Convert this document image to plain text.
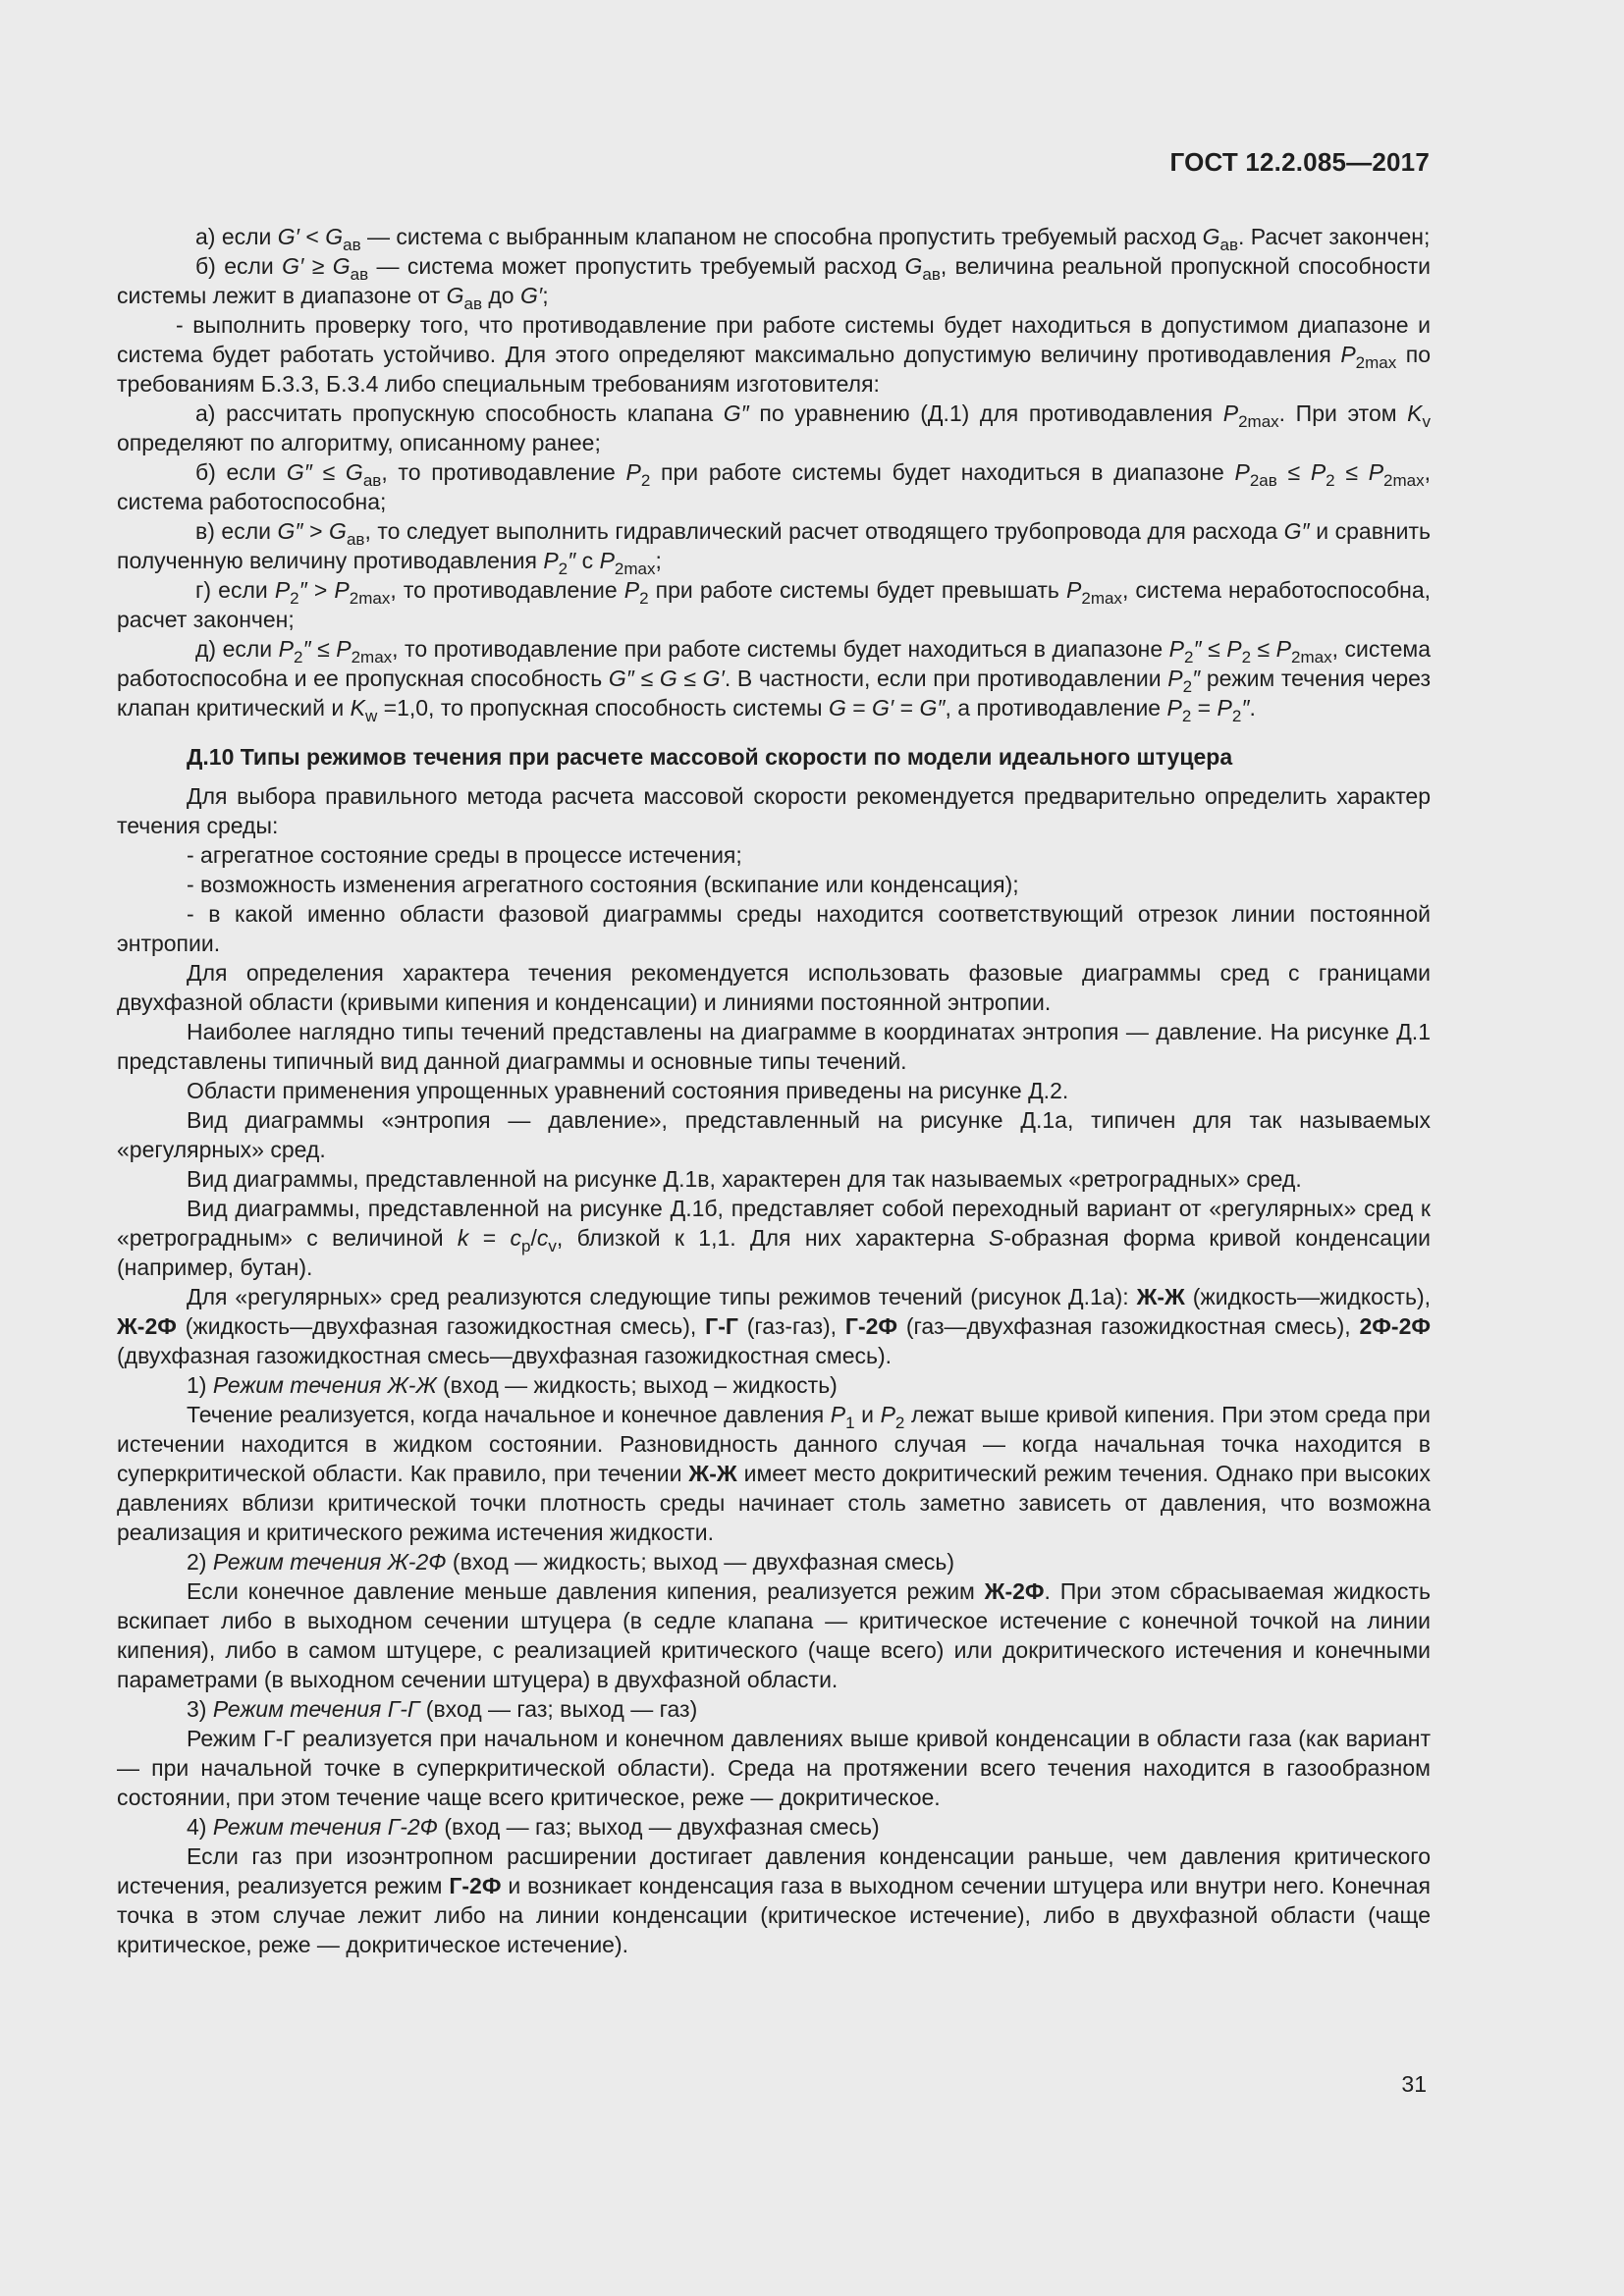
ГОСТ 12.2.085—2017

а) если $G' < G_{ав}$ — система с выбранным клапаном не способна пропустить требуемый расход $G_{ав}$. Расчет закончен;

б) если $G' \ge G_{ав}$ — система может пропустить требуемый расход $G_{ав}$, величина реальной пропускной способности системы лежит в диапазоне от $G_{ав}$ до G′;

- выполнить проверку того, что противодавление при работе системы будет находиться в допустимом диапазоне и система будет работать устойчиво. Для этого определяют максимально допустимую величину противодавления $P_{2max}$ по требованиям Б.3.3, Б.3.4 либо специальным требованиям изготовителя:

а) рассчитать пропускную способность клапана G″ по уравнению (Д.1) для противодавления $P_{2max}$. При этом $K_v$ определяют по алгоритму, описанному ранее;

б) если $G'' \le G_{ав}$, то противодавление $P_2$ при работе системы будет находиться в диапазоне $P_{2ав} \le P_2 \le P_{2max}$, система работоспособна;

в) если $G'' > G_{ав}$, то следует выполнить гидравлический расчет отводящего трубопровода для расхода G″ и сравнить полученную величину противодавления $P_2''$ с $P_{2max}$;

г) если $P_2'' > P_{2max}$, то противодавление $P_2$ при работе системы будет превышать $P_{2max}$, система неработоспособна, расчет закончен;

д) если $P_2'' \le P_{2max}$, то противодавление при работе системы будет находиться в диапазоне $P_2'' \le P_2 \le P_{2max}$, система работоспособна и ее пропускная способность G″ ≤ G ≤ G′. В частности, если при противодавлении $P_2''$ режим течения через клапан критический и $K_w =1,0$, то пропускная способность системы G = G′ = G″, а противодавление $P_2 = P_2''$.

Д.10 Типы режимов течения при расчете массовой скорости по модели идеального штуцера

Для выбора правильного метода расчета массовой скорости рекомендуется предварительно определить характер течения среды:

- агрегатное состояние среды в процессе истечения;

- возможность изменения агрегатного состояния (вскипание или конденсация);

- в какой именно области фазовой диаграммы среды находится соответствующий отрезок линии постоянной энтропии.

Для определения характера течения рекомендуется использовать фазовые диаграммы сред с границами двухфазной области (кривыми кипения и конденсации) и линиями постоянной энтропии.

Наиболее наглядно типы течений представлены на диаграмме в координатах энтропия — давление. На рисунке Д.1 представлены типичный вид данной диаграммы и основные типы течений.

Области применения упрощенных уравнений состояния приведены на рисунке Д.2.

Вид диаграммы «энтропия — давление», представленный на рисунке Д.1а, типичен для так называемых «регулярных» сред.

Вид диаграммы, представленной на рисунке Д.1в, характерен для так называемых «ретроградных» сред.

Вид диаграммы, представленной на рисунке Д.1б, представляет собой переходный вариант от «регулярных» сред к «ретроградным» с величиной $k = c_p/c_v$, близкой к 1,1. Для них характерна S-образная форма кривой конденсации (например, бутан).

Для «регулярных» сред реализуются следующие типы режимов течений (рисунок Д.1а): Ж-Ж (жидкость—жидкость), Ж-2Ф (жидкость—двухфазная газожидкостная смесь), Г-Г (газ-газ), Г-2Ф (газ—двухфазная газожидкостная смесь), 2Ф-2Ф (двухфазная газожидкостная смесь—двухфазная газожидкостная смесь).

1) Режим течения Ж-Ж (вход — жидкость; выход – жидкость)

Течение реализуется, когда начальное и конечное давления $P_1$ и $P_2$ лежат выше кривой кипения. При этом среда при истечении находится в жидком состоянии. Разновидность данного случая — когда начальная точка находится в суперкритической области. Как правило, при течении Ж-Ж имеет место докритический режим течения. Однако при высоких давлениях вблизи критической точки плотность среды начинает столь заметно зависеть от давления, что возможна реализация и критического режима истечения жидкости.

2) Режим течения Ж-2Ф (вход — жидкость; выход — двухфазная смесь)

Если конечное давление меньше давления кипения, реализуется режим Ж-2Ф. При этом сбрасываемая жидкость вскипает либо в выходном сечении штуцера (в седле клапана — критическое истечение с конечной точкой на линии кипения), либо в самом штуцере, с реализацией критического (чаще всего) или докритического истечения и конечными параметрами (в выходном сечении штуцера) в двухфазной области.

3) Режим течения Г-Г (вход — газ; выход — газ)

Режим Г-Г реализуется при начальном и конечном давлениях выше кривой конденсации в области газа (как вариант — при начальной точке в суперкритической области). Среда на протяжении всего течения находится в газообразном состоянии, при этом течение чаще всего критическое, реже — докритическое.

4) Режим течения Г-2Ф (вход — газ; выход — двухфазная смесь)

Если газ при изоэнтропном расширении достигает давления конденсации раньше, чем давления критического истечения, реализуется режим Г-2Ф и возникает конденсация газа в выходном сечении штуцера или внутри него. Конечная точка в этом случае лежит либо на линии конденсации (критическое истечение), либо в двухфазной области (чаще критическое, реже — докритическое истечение).

31
